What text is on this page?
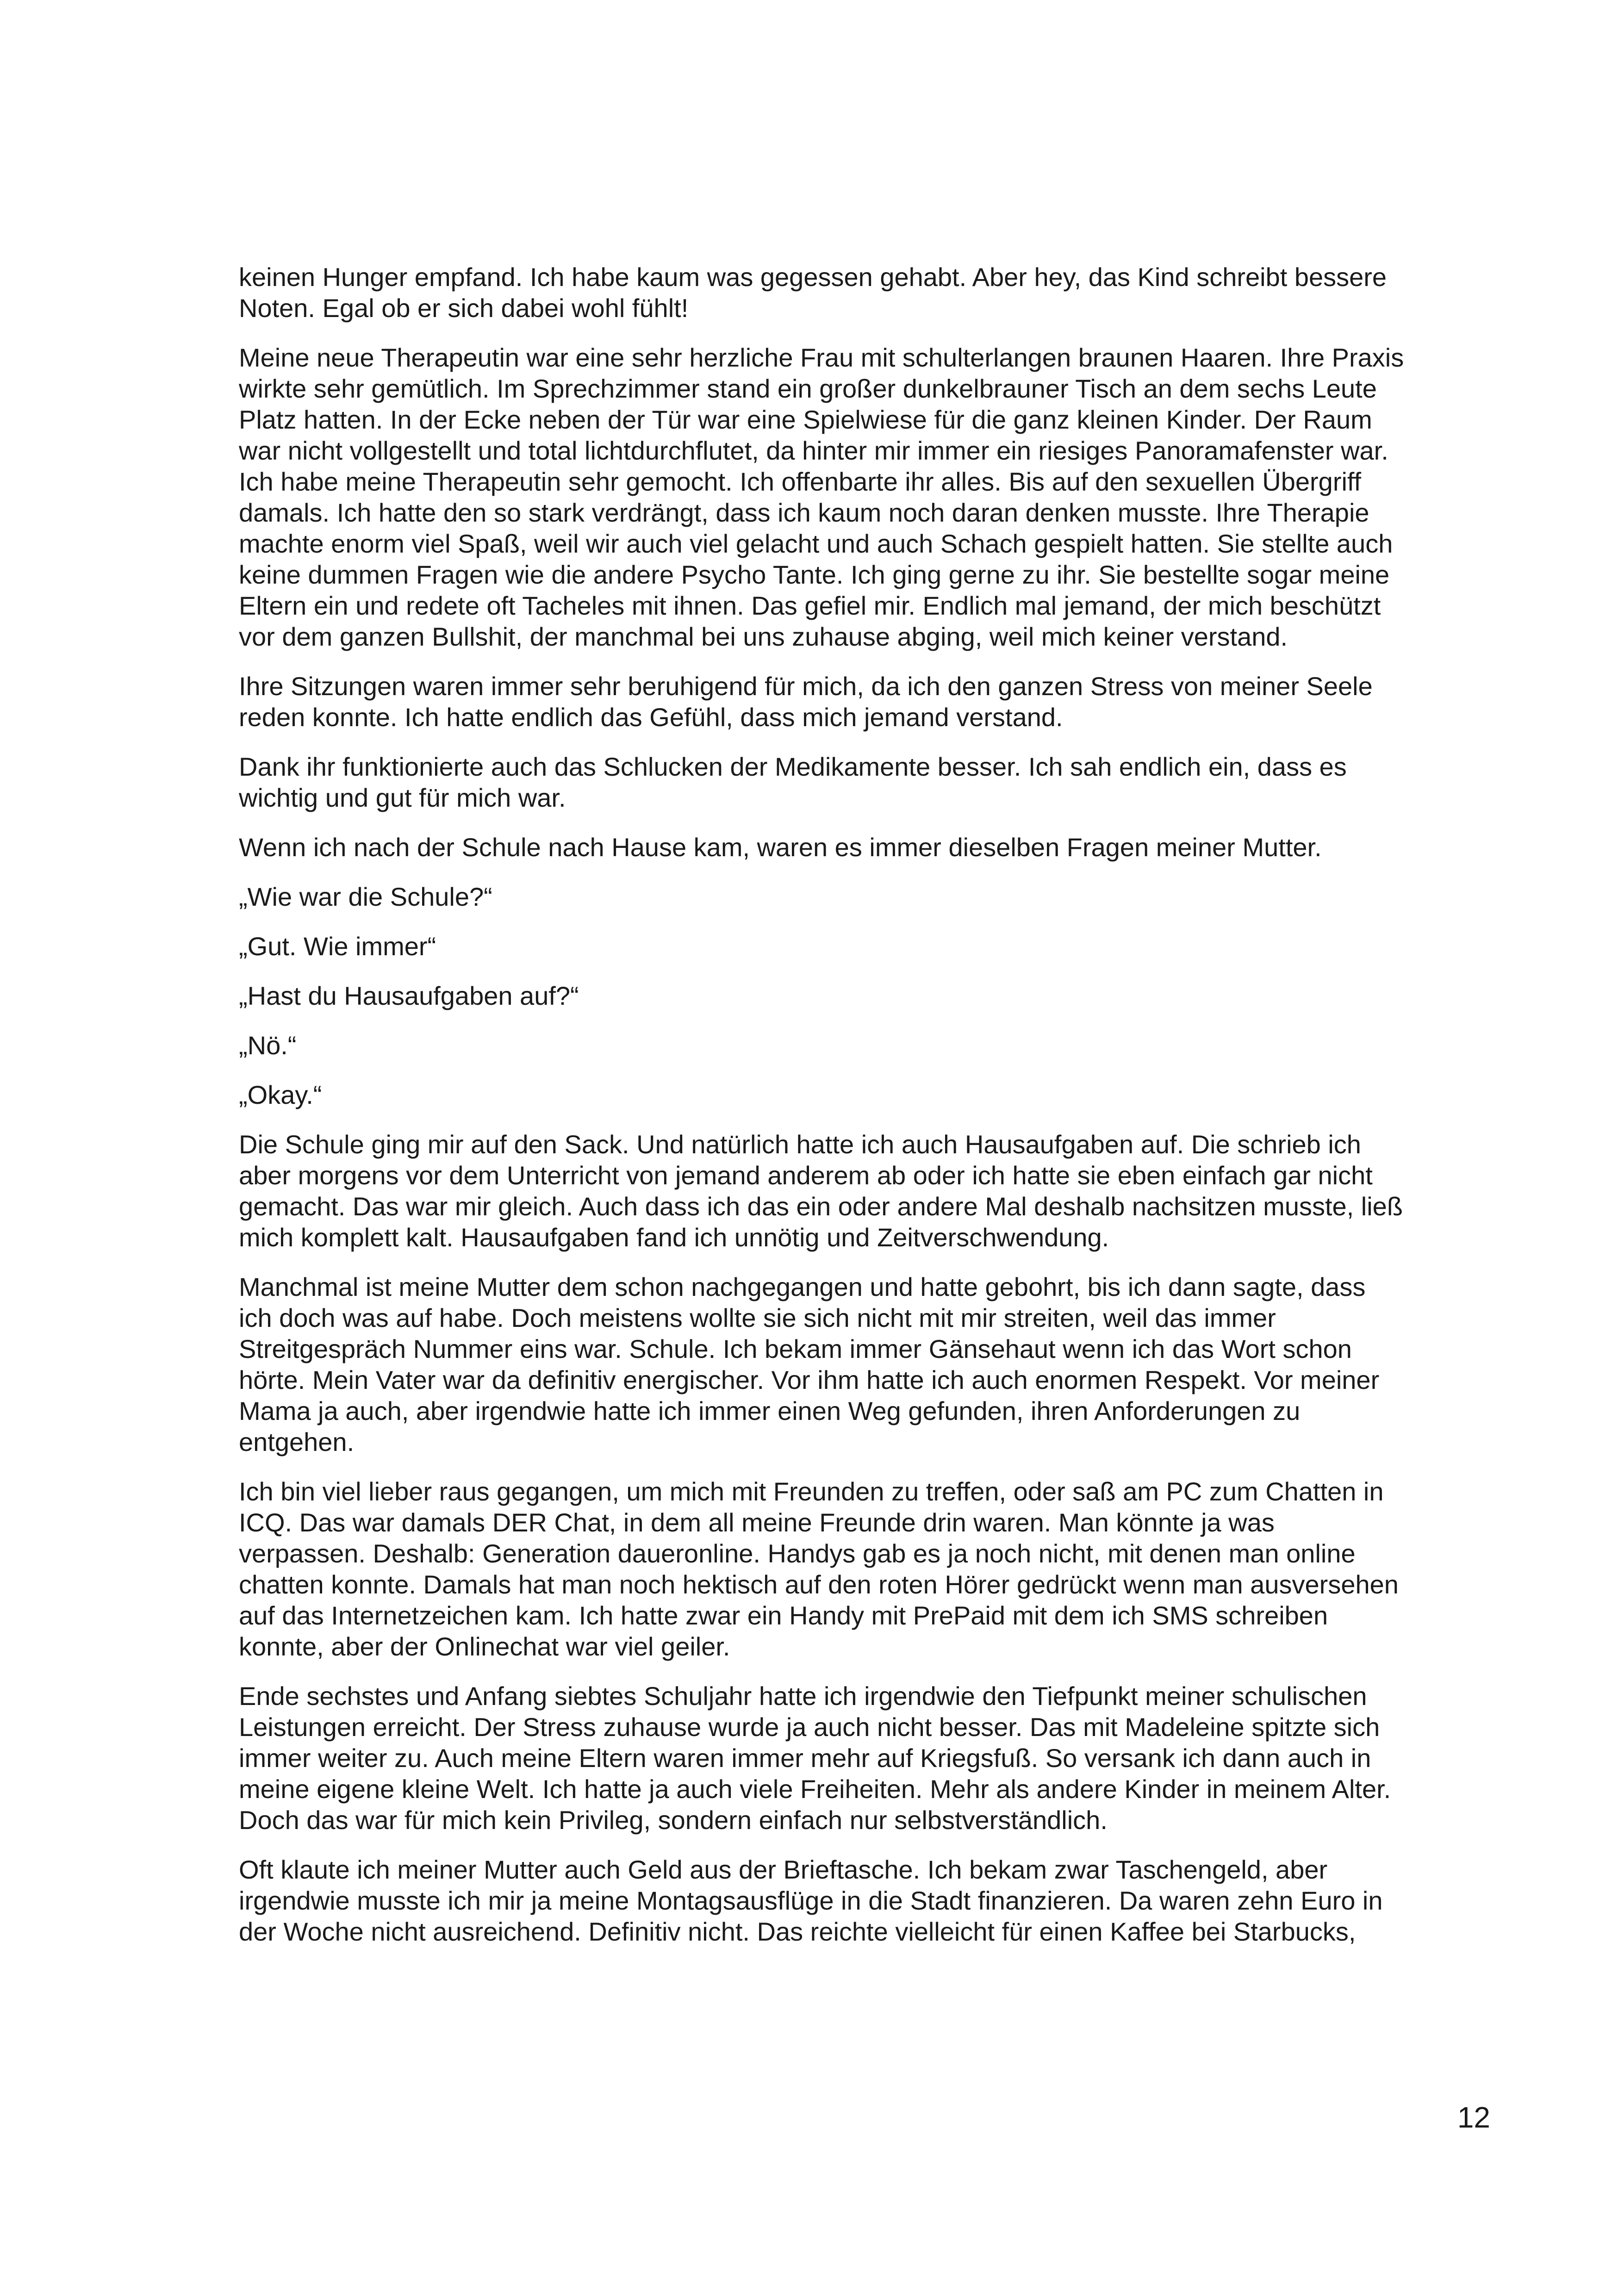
keinen Hunger empfand. Ich habe kaum was gegessen gehabt. Aber hey, das Kind schreibt bessere Noten. Egal ob er sich dabei wohl fühlt!

Meine neue Therapeutin war eine sehr herzliche Frau mit schulterlangen braunen Haaren. Ihre Praxis wirkte sehr gemütlich. Im Sprechzimmer stand ein großer dunkelbrauner Tisch an dem sechs Leute Platz hatten. In der Ecke neben der Tür war eine Spielwiese für die ganz kleinen Kinder. Der Raum war nicht vollgestellt und total lichtdurchflutet, da hinter mir immer ein riesiges Panoramafenster war. Ich habe meine Therapeutin sehr gemocht. Ich offenbarte ihr alles. Bis auf den sexuellen Übergriff damals. Ich hatte den so stark verdrängt, dass ich kaum noch daran denken musste. Ihre Therapie machte enorm viel Spaß, weil wir auch viel gelacht und auch Schach gespielt hatten. Sie stellte auch keine dummen Fragen wie die andere Psycho Tante. Ich ging gerne zu ihr. Sie bestellte sogar meine Eltern ein und redete oft Tacheles mit ihnen. Das gefiel mir. Endlich mal jemand, der mich beschützt vor dem ganzen Bullshit, der manchmal bei uns zuhause abging, weil mich keiner verstand.

Ihre Sitzungen waren immer sehr beruhigend für mich, da ich den ganzen Stress von meiner Seele reden konnte. Ich hatte endlich das Gefühl, dass mich jemand verstand.

Dank ihr funktionierte auch das Schlucken der Medikamente besser. Ich sah endlich ein, dass es wichtig und gut für mich war.

Wenn ich nach der Schule nach Hause kam, waren es immer dieselben Fragen meiner Mutter.

„Wie war die Schule?“

„Gut. Wie immer“

„Hast du Hausaufgaben auf?“

„Nö.“

„Okay.“

Die Schule ging mir auf den Sack. Und natürlich hatte ich auch Hausaufgaben auf. Die schrieb ich aber morgens vor dem Unterricht von jemand anderem ab oder ich hatte sie eben einfach gar nicht gemacht. Das war mir gleich. Auch dass ich das ein oder andere Mal deshalb nachsitzen musste, ließ mich komplett kalt. Hausaufgaben fand ich unnötig und Zeitverschwendung.

Manchmal ist meine Mutter dem schon nachgegangen und hatte gebohrt, bis ich dann sagte, dass ich doch was auf habe. Doch meistens wollte sie sich nicht mit mir streiten, weil das immer Streitgespräch Nummer eins war. Schule. Ich bekam immer Gänsehaut wenn ich das Wort schon hörte. Mein Vater war da definitiv energischer. Vor ihm hatte ich auch enormen Respekt. Vor meiner Mama ja auch, aber irgendwie hatte ich immer einen Weg gefunden, ihren Anforderungen zu entgehen.

Ich bin viel lieber raus gegangen, um mich mit Freunden zu treffen, oder saß am PC zum Chatten in ICQ. Das war damals DER Chat, in dem all meine Freunde drin waren. Man könnte ja was verpassen. Deshalb: Generation daueronline. Handys gab es ja noch nicht, mit denen man online chatten konnte. Damals hat man noch hektisch auf den roten Hörer gedrückt wenn man ausversehen auf das Internetzeichen kam. Ich hatte zwar ein Handy mit PrePaid mit dem ich SMS schreiben konnte, aber der Onlinechat war viel geiler.

Ende sechstes und Anfang siebtes Schuljahr hatte ich irgendwie den Tiefpunkt meiner schulischen Leistungen erreicht. Der Stress zuhause wurde ja auch nicht besser. Das mit Madeleine spitzte sich immer weiter zu. Auch meine Eltern waren immer mehr auf Kriegsfuß. So versank ich dann auch in meine eigene kleine Welt. Ich hatte ja auch viele Freiheiten. Mehr als andere Kinder in meinem Alter. Doch das war für mich kein Privileg, sondern einfach nur selbstverständlich.

Oft klaute ich meiner Mutter auch Geld aus der Brieftasche. Ich bekam zwar Taschengeld, aber irgendwie musste ich mir ja meine Montagsausflüge in die Stadt finanzieren. Da waren zehn Euro in der Woche nicht ausreichend. Definitiv nicht. Das reichte vielleicht für einen Kaffee bei Starbucks,

12
